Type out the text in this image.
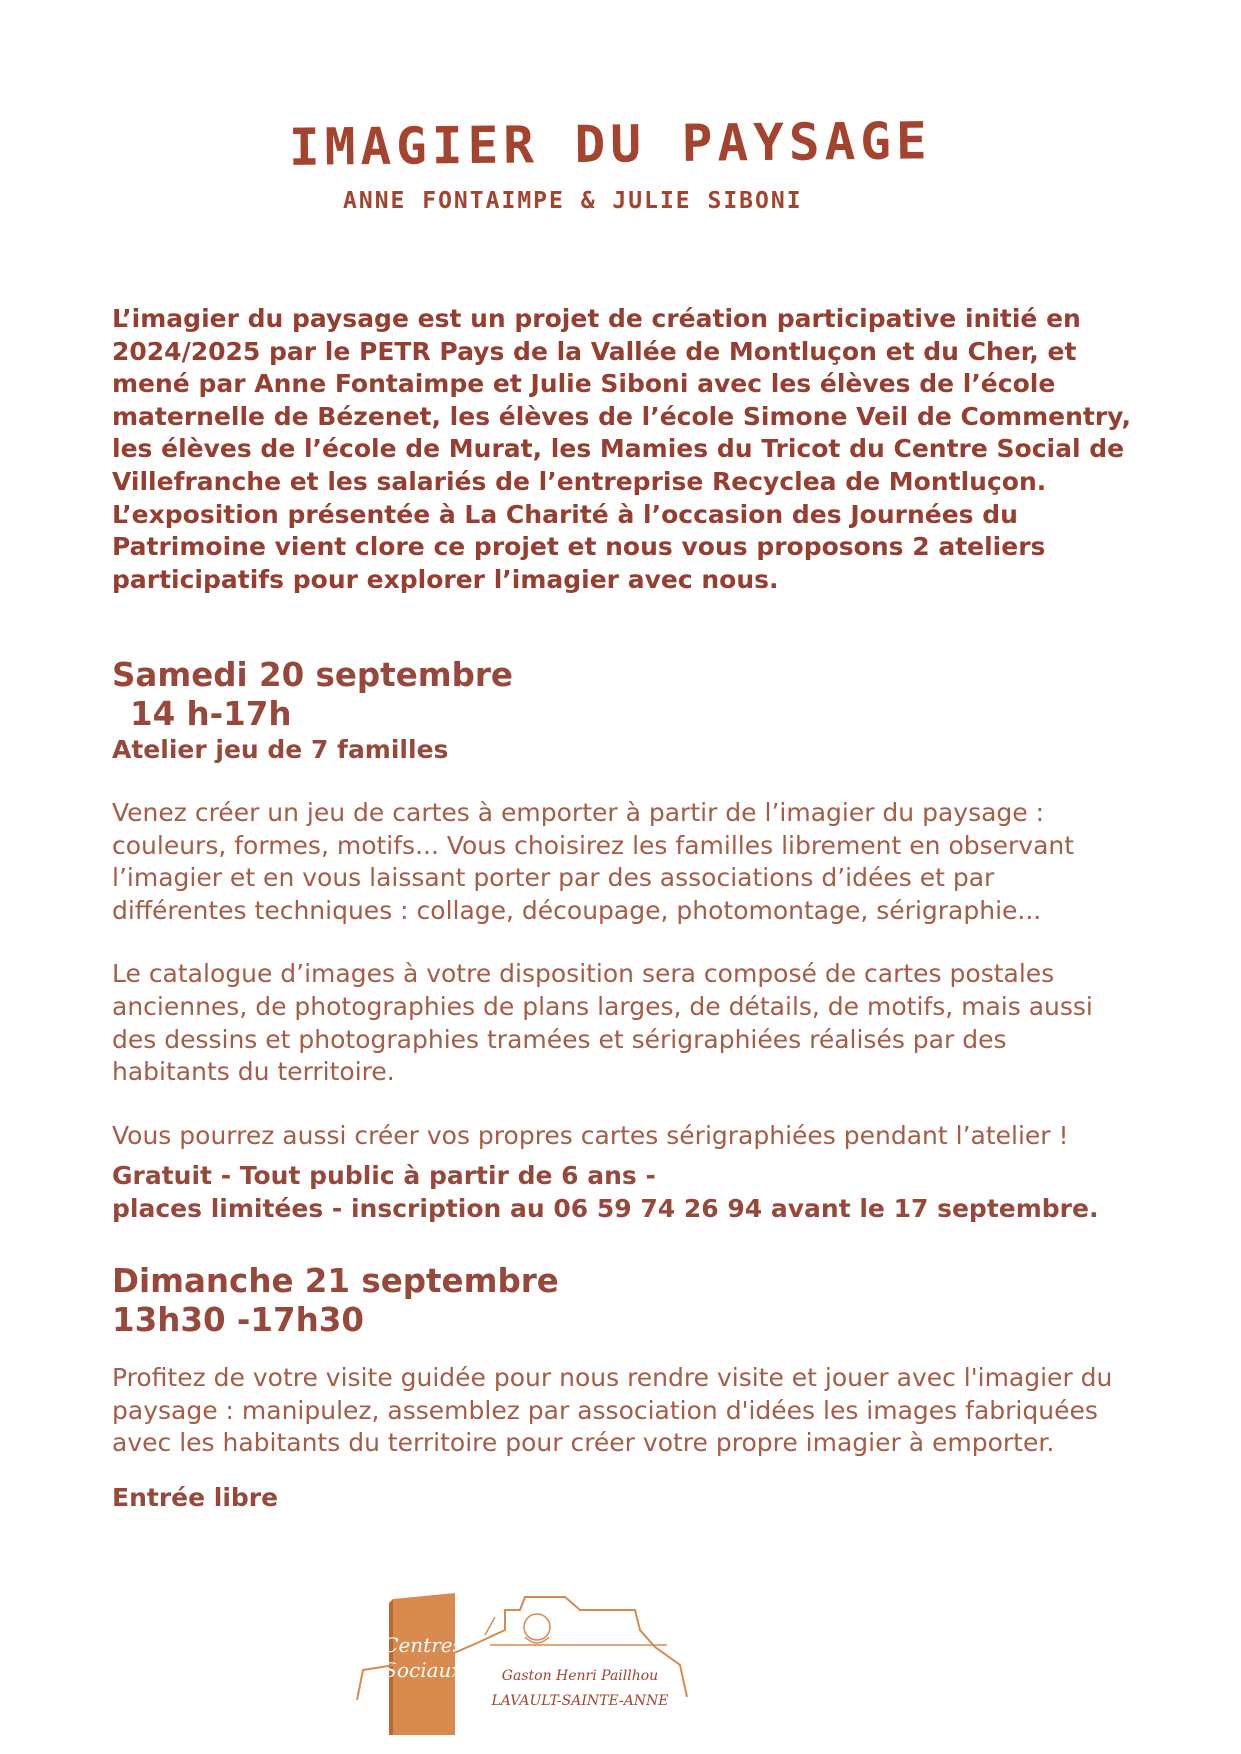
IMAGIER DU PAYSAGE
ANNE FONTAIMPE & JULIE SIBONI

L’imagier du paysage est un projet de création participative initié en 2024/2025 par le PETR Pays de la Vallée de Montluçon et du Cher, et mené par Anne Fontaimpe et Julie Siboni avec les élèves de l’école maternelle de Bézenet, les élèves de l’école Simone Veil de Commentry, les élèves de l’école de Murat, les Mamies du Tricot du Centre Social de Villefranche et les salariés de l’entreprise Recyclea de Montluçon.

L’exposition présentée à La Charité à l’occasion des Journées du Patrimoine vient clore ce projet et nous vous proposons 2 ateliers participatifs pour explorer l’imagier avec nous.

Samedi 20 septembre
14 h-17h
Atelier jeu de 7 familles

Venez créer un jeu de cartes à emporter à partir de l’imagier du paysage : couleurs, formes, motifs... Vous choisirez les familles librement en observant l’imagier et en vous laissant porter par des associations d’idées et par différentes techniques : collage, découpage, photomontage, sérigraphie...

Le catalogue d’images à votre disposition sera composé de cartes postales anciennes, de photographies de plans larges, de détails, de motifs, mais aussi des dessins et photographies tramées et sérigraphiées réalisés par des habitants du territoire.

Vous pourrez aussi créer vos propres cartes sérigraphiées pendant l’atelier !

Gratuit - Tout public à partir de 6 ans -

places limitées - inscription au 06 59 74 26 94 avant le 17 septembre.

Dimanche 21 septembre
13h30 -17h30

Profitez de votre visite guidée pour nous rendre visite et jouer avec l'imagier du paysage : manipulez, assemblez par association d'idées les images fabriquées avec les habitants du territoire pour créer votre propre imagier à emporter.

Entrée libre

Centres
Sociaux	Gaston Henri Paillhou
LAVAULT-SAINTE-ANNE
